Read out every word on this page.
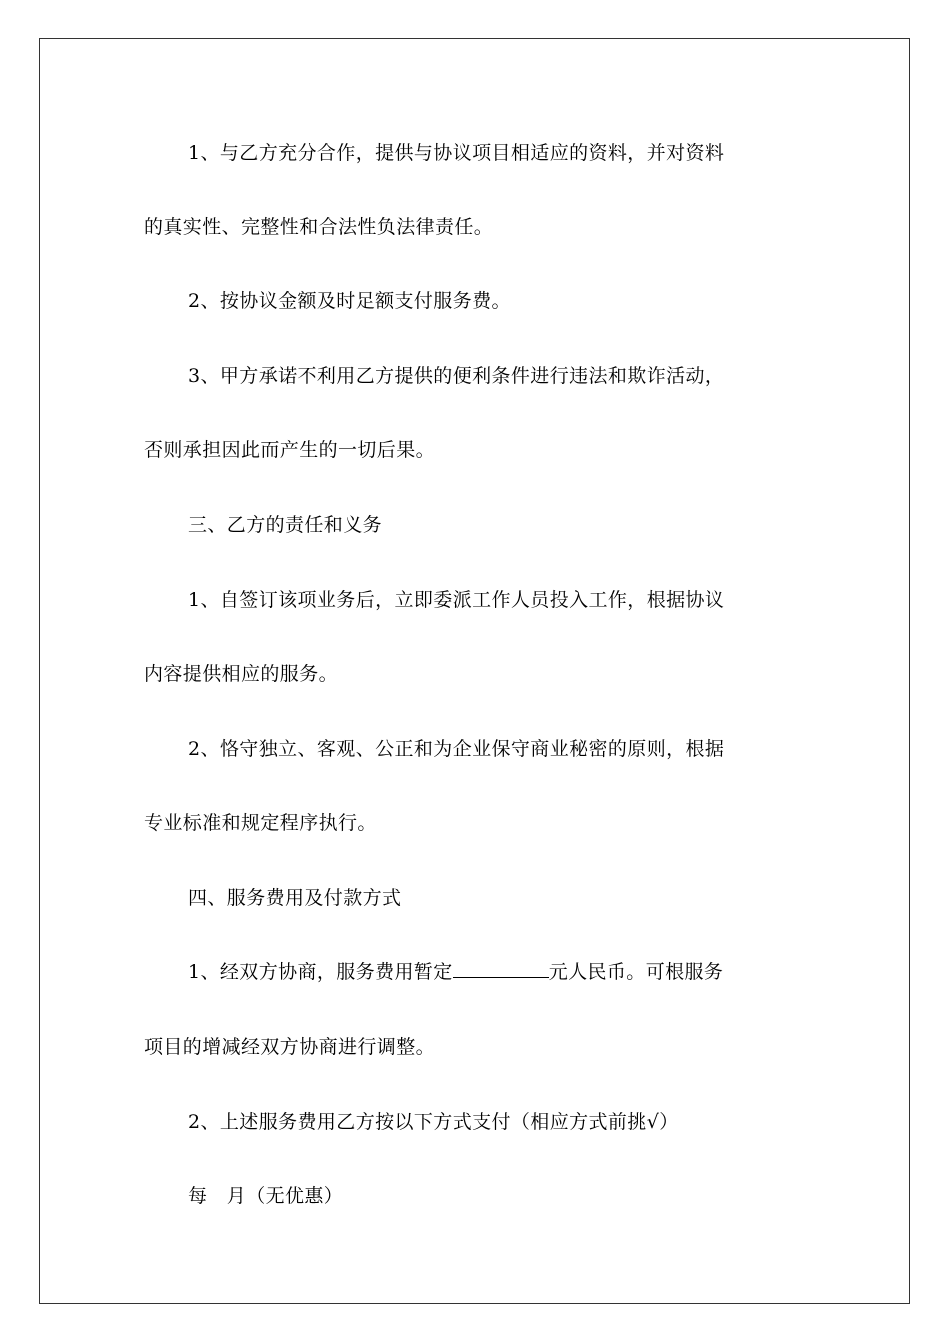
1、与乙方充分合作，提供与协议项目相适应的资料，并对资料
的真实性、完整性和合法性负法律责任。
2、按协议金额及时足额支付服务费。
3、甲方承诺不利用乙方提供的便利条件进行违法和欺诈活动，
否则承担因此而产生的一切后果。
三、乙方的责任和义务
1、自签订该项业务后，立即委派工作人员投入工作，根据协议
内容提供相应的服务。
2、恪守独立、客观、公正和为企业保守商业秘密的原则，根据
专业标准和规定程序执行。
四、服务费用及付款方式
1、经双方协商，服务费用暂定	元人民币。可根服务
项目的增减经双方协商进行调整。
2、上述服务费用乙方按以下方式支付（相应方式前挑√）
每　月（无优惠）
